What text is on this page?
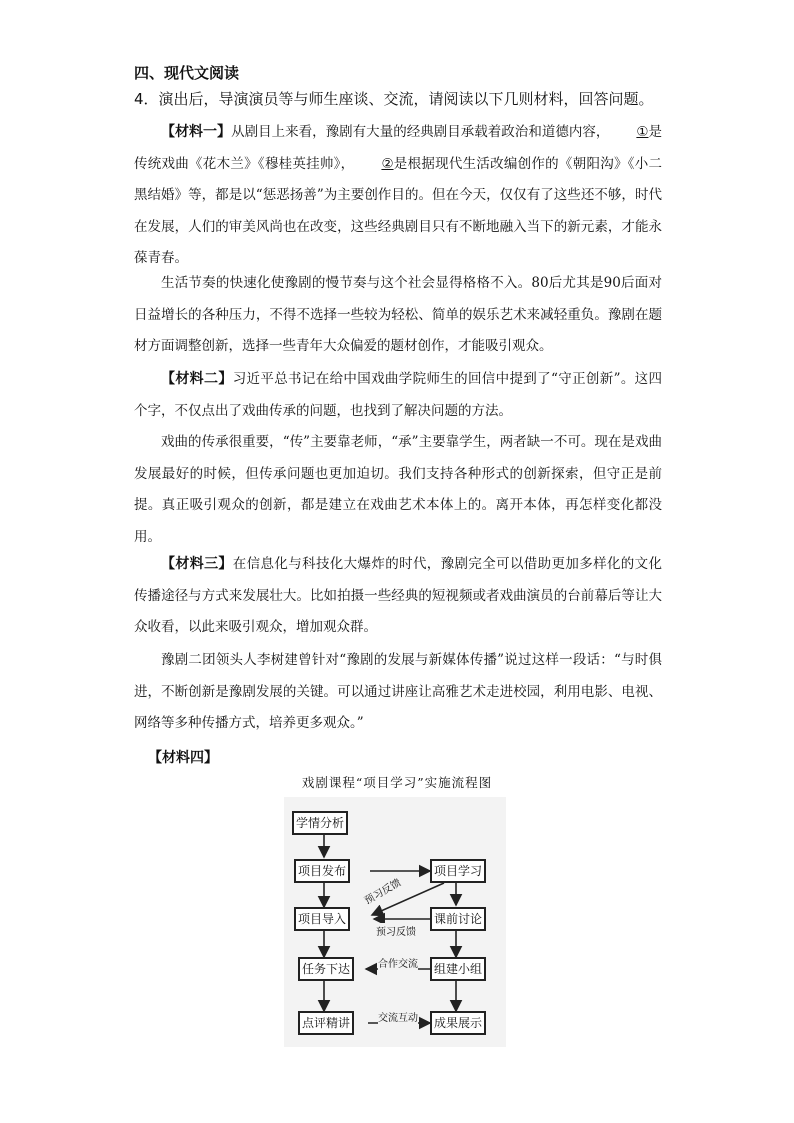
四、现代文阅读
4．演出后，导演演员等与师生座谈、交流，请阅读以下几则材料，回答问题。

【材料一】从剧目上来看，豫剧有大量的经典剧目承载着政治和道德内容， ①是传统戏曲《花木兰》《穆桂英挂帅》， ②是根据现代生活改编创作的《朝阳沟》《小二黑结婚》等，都是以“惩恶扬善”为主要创作目的。但在今天，仅仅有了这些还不够，时代在发展，人们的审美风尚也在改变，这些经典剧目只有不断地融入当下的新元素，才能永葆青春。

生活节奏的快速化使豫剧的慢节奏与这个社会显得格格不入。80后尤其是90后面对日益增长的各种压力，不得不选择一些较为轻松、简单的娱乐艺术来减轻重负。豫剧在题材方面调整创新，选择一些青年大众偏爱的题材创作，才能吸引观众。

【材料二】习近平总书记在给中国戏曲学院师生的回信中提到了“守正创新”。这四个字，不仅点出了戏曲传承的问题，也找到了解决问题的方法。

戏曲的传承很重要，“传”主要靠老师，“承”主要靠学生，两者缺一不可。现在是戏曲发展最好的时候，但传承问题也更加迫切。我们支持各种形式的创新探索，但守正是前提。真正吸引观众的创新，都是建立在戏曲艺术本体上的。离开本体，再怎样变化都没用。

【材料三】在信息化与科技化大爆炸的时代，豫剧完全可以借助更加多样化的文化传播途径与方式来发展壮大。比如拍摄一些经典的短视频或者戏曲演员的台前幕后等让大众收看，以此来吸引观众，增加观众群。

豫剧二团领头人李树建曾针对“豫剧的发展与新媒体传播”说过这样一段话：“与时俱进，不断创新是豫剧发展的关键。可以通过讲座让高雅艺术走进校园，利用电影、电视、网络等多种传播方式，培养更多观众。”

【材料四】
戏剧课程“项目学习”实施流程图
学情分析
项目发布	项目学习
项目导入	课前讨论
任务下达	组建小组
点评精讲	成果展示
预习反馈
预习反馈
合作交流
交流互动
